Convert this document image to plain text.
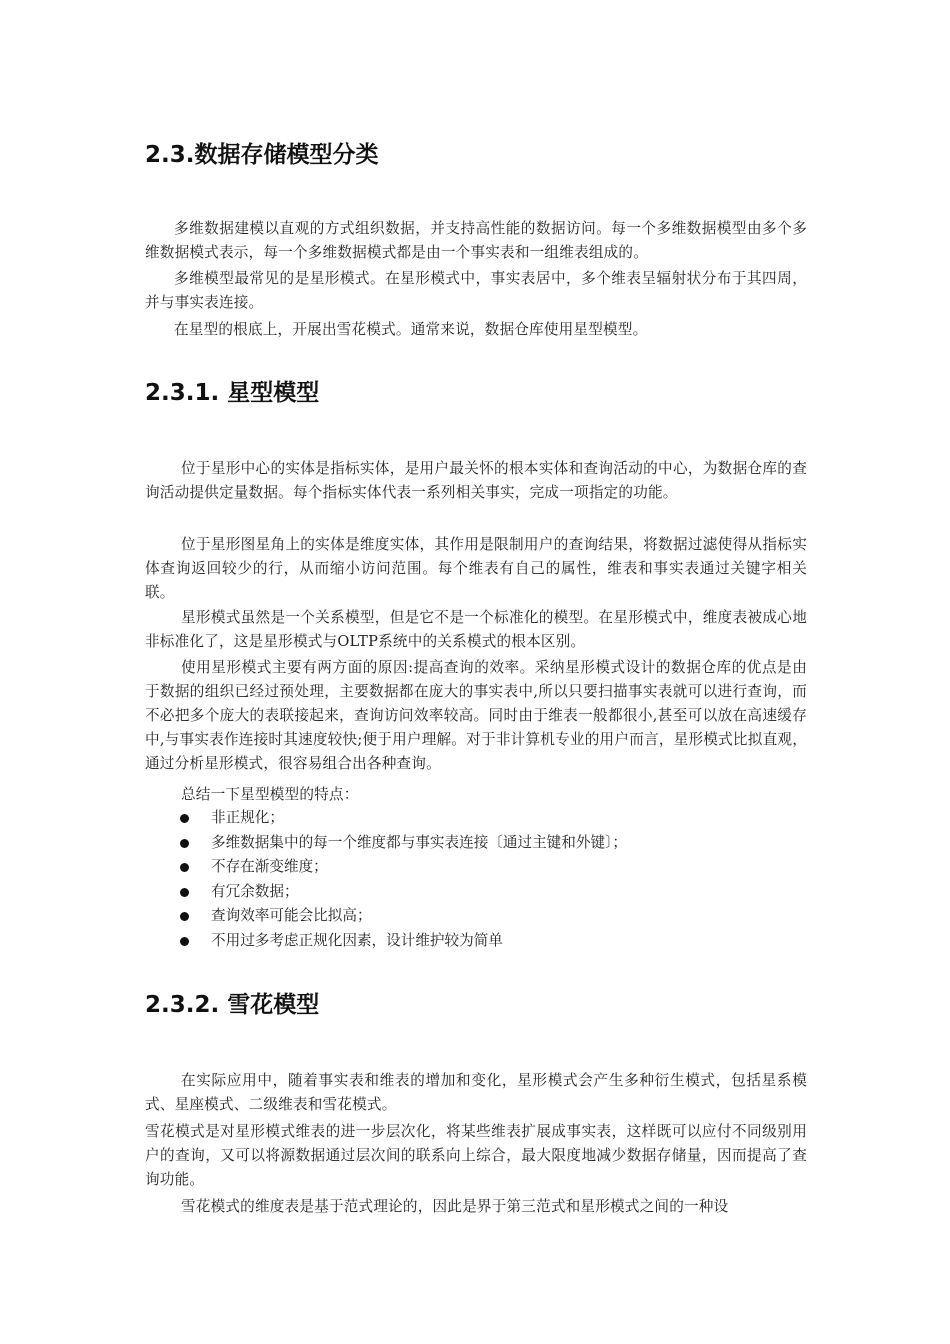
2.3.数据存储模型分类

多维数据建模以直观的方式组织数据，并支持高性能的数据访问。每一个多维数据模型由多个多维数据模式表示，每一个多维数据模式都是由一个事实表和一组维表组成的。

多维模型最常见的是星形模式。在星形模式中，事实表居中，多个维表呈辐射状分布于其四周，并与事实表连接。

在星型的根底上，开展出雪花模式。通常来说，数据仓库使用星型模型。

2.3.1. 星型模型

位于星形中心的实体是指标实体，是用户最关怀的根本实体和查询活动的中心，为数据仓库的查询活动提供定量数据。每个指标实体代表一系列相关事实，完成一项指定的功能。

位于星形图星角上的实体是维度实体，其作用是限制用户的查询结果，将数据过滤使得从指标实体查询返回较少的行，从而缩小访问范围。每个维表有自己的属性，维表和事实表通过关键字相关联。

星形模式虽然是一个关系模型，但是它不是一个标准化的模型。在星形模式中，维度表被成心地非标准化了，这是星形模式与OLTP系统中的关系模式的根本区别。

使用星形模式主要有两方面的原因:提高查询的效率。采纳星形模式设计的数据仓库的优点是由于数据的组织已经过预处理，主要数据都在庞大的事实表中,所以只要扫描事实表就可以进行查询，而不必把多个庞大的表联接起来，查询访问效率较高。同时由于维表一般都很小,甚至可以放在高速缓存中,与事实表作连接时其速度较快;便于用户理解。对于非计算机专业的用户而言，星形模式比拟直观，通过分析星形模式，很容易组合出各种查询。

总结一下星型模型的特点：

非正规化；
多维数据集中的每一个维度都与事实表连接〔通过主键和外键〕；
不存在渐变维度；
有冗余数据；
查询效率可能会比拟高；
不用过多考虑正规化因素，设计维护较为简单
2.3.2. 雪花模型

在实际应用中，随着事实表和维表的增加和变化，星形模式会产生多种衍生模式，包括星系模式、星座模式、二级维表和雪花模式。

雪花模式是对星形模式维表的进一步层次化，将某些维表扩展成事实表，这样既可以应付不同级别用户的查询，又可以将源数据通过层次间的联系向上综合，最大限度地减少数据存储量，因而提高了查询功能。

雪花模式的维度表是基于范式理论的，因此是界于第三范式和星形模式之间的一种设
